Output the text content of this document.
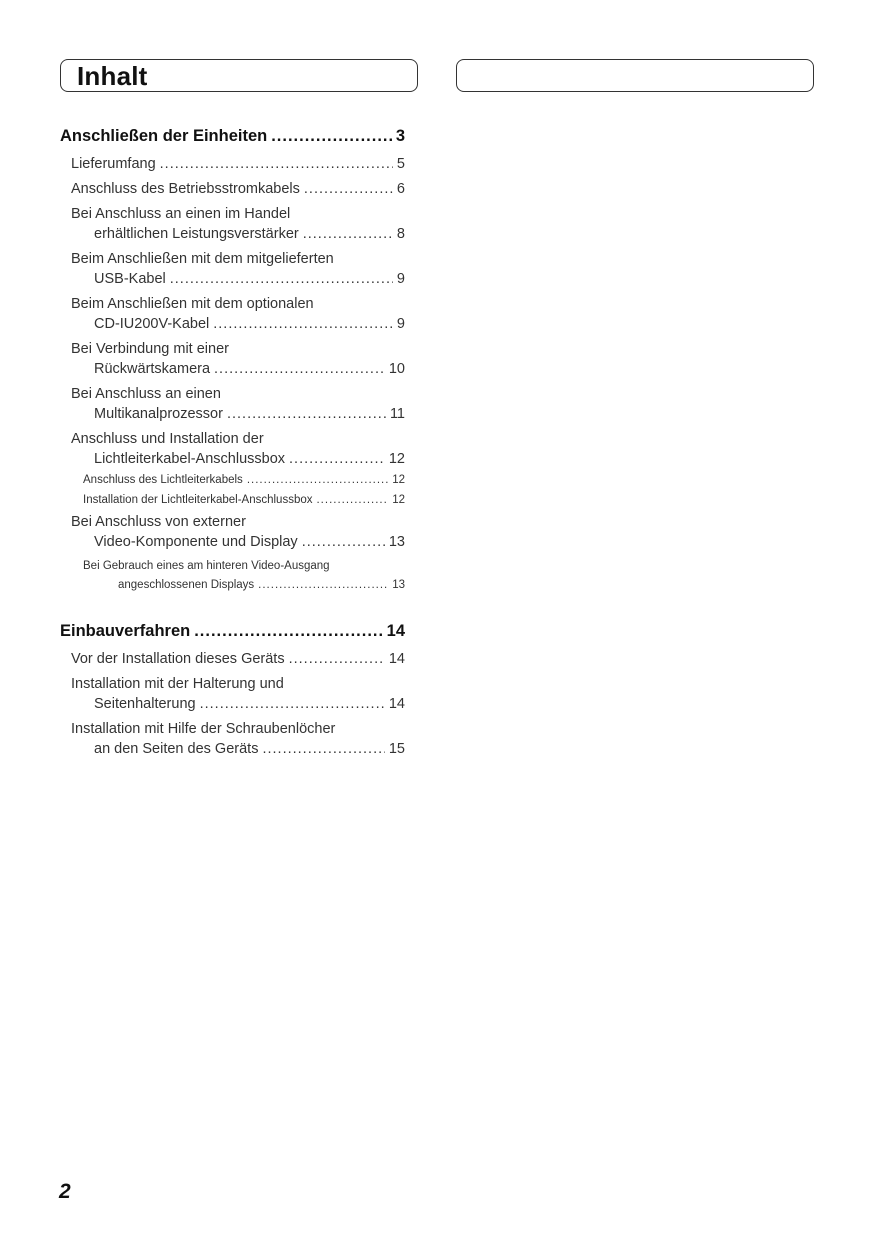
Inhalt
Anschließen der Einheiten .....	3
Lieferumfang .....	5
Anschluss des Betriebsstromkabels .....	6
Bei Anschluss an einen im Handel
erhältlichen Leistungsverstärker .....	8
Beim Anschließen mit dem mitgelieferten
USB-Kabel .....	9
Beim Anschließen mit dem optionalen
CD-IU200V-Kabel .....	9
Bei Verbindung mit einer
Rückwärtskamera .....	10
Bei Anschluss an einen
Multikanalprozessor .....	11
Anschluss und Installation der
Lichtleiterkabel-Anschlussbox .....	12
Anschluss des Lichtleiterkabels .....	12
Installation der Lichtleiterkabel-Anschlussbox .....	12
Bei Anschluss von externer
Video-Komponente und Display .....	13
Bei Gebrauch eines am hinteren Video-Ausgang
angeschlossenen Displays .....	13
Einbauverfahren .....	14
Vor der Installation dieses Geräts .....	14
Installation mit der Halterung und
Seitenhalterung .....	14
Installation mit Hilfe der Schraubenlöcher
an den Seiten des Geräts .....	15
2
